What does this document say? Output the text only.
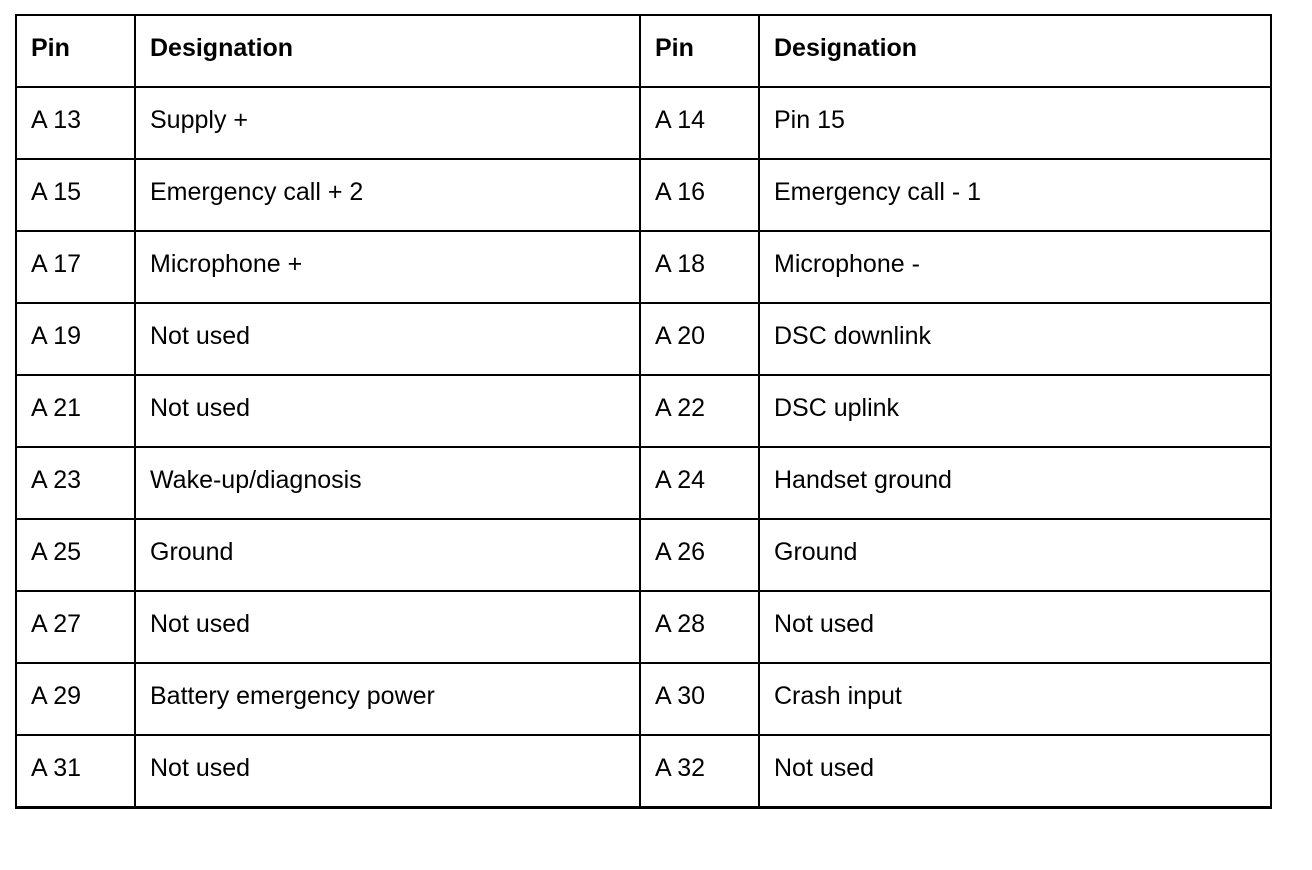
Pin	Designation	Pin	Designation
A 13	Supply +	A 14	Pin 15
A 15	Emergency call + 2	A 16	Emergency call - 1
A 17	Microphone +	A 18	Microphone -
A 19	Not used	A 20	DSC downlink
A 21	Not used	A 22	DSC uplink
A 23	Wake-up/diagnosis	A 24	Handset ground
A 25	Ground	A 26	Ground
A 27	Not used	A 28	Not used
A 29	Battery emergency power	A 30	Crash input
A 31	Not used	A 32	Not used
